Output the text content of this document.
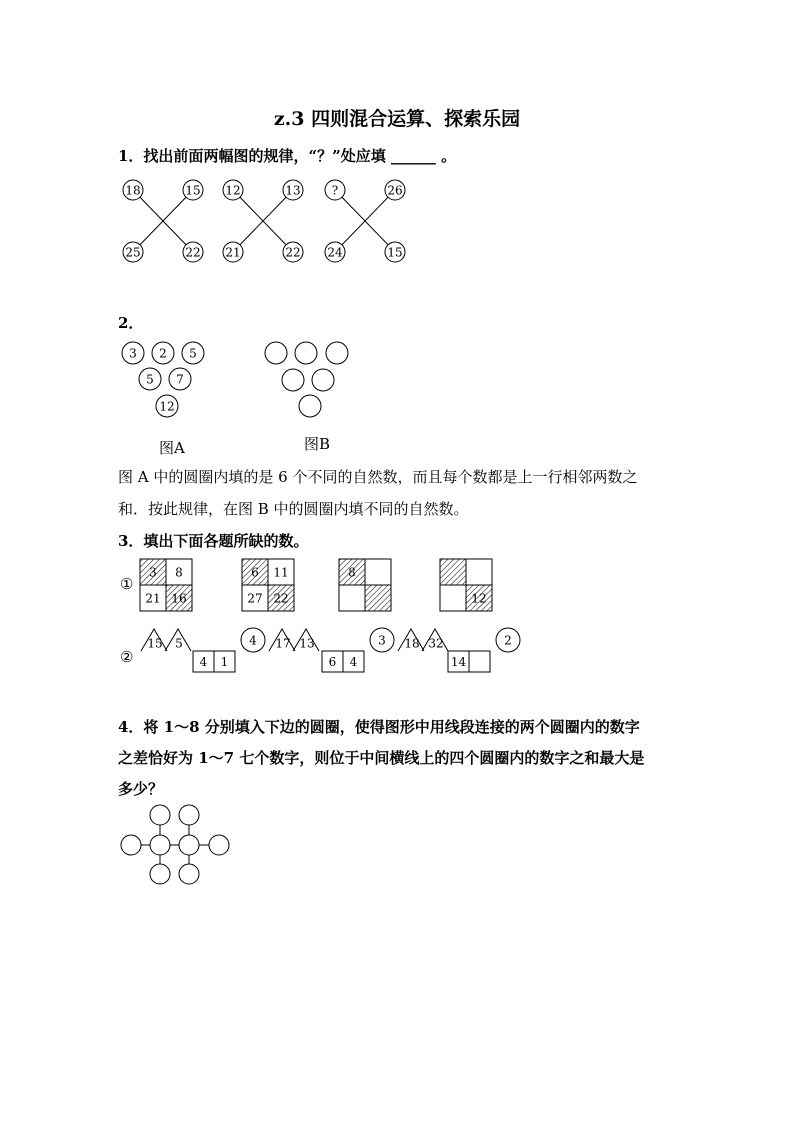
z.3 四则混合运算、探索乐园
1．找出前面两幅图的规律，“？”处应填 ______ 。
18	15
25	22
12	13
21	22
?	26
24	15
2．
3 2 5
5 7
12
图A	图B
图 A 中的圆圈内填的是 6 个不同的自然数，而且每个数都是上一行相邻两数之
和．按此规律，在图 B 中的圆圈内填不同的自然数。
3．填出下面各题所缺的数。
①
②
3 8
21 16
6 11
27 22
8
12
15 5
4 1
4 17 13
6 4
3 18 32
14
2
4．将 1～8 分别填入下边的圆圈，使得图形中用线段连接的两个圆圈内的数字
之差恰好为 1～7 七个数字，则位于中间横线上的四个圆圈内的数字之和最大是
多少？
